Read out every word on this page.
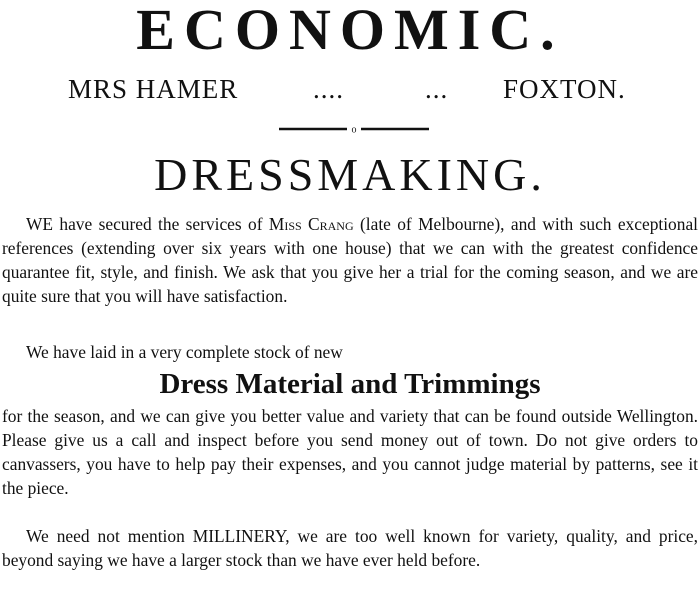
ECONOMIC.
MRS HAMER	....	... FOXTON.
o
DRESSMAKING.

WE have secured the services of Miss Crang (late of Melbourne), and with such exceptional references (extending over six years with one house) that we can with the greatest confidence quarantee fit, style, and finish. We ask that you give her a trial for the coming season, and we are quite sure that you will have satisfaction.

We have laid in a very complete stock of new

Dress Material and Trimmings

for the season, and we can give you better value and variety that can be found outside Wellington. Please give us a call and inspect before you send money out of town. Do not give orders to canvassers, you have to help pay their expenses, and you cannot judge material by patterns, see it the piece.

We need not mention MILLINERY, we are too well known for variety, quality, and price, beyond saying we have a larger stock than we have ever held before.
